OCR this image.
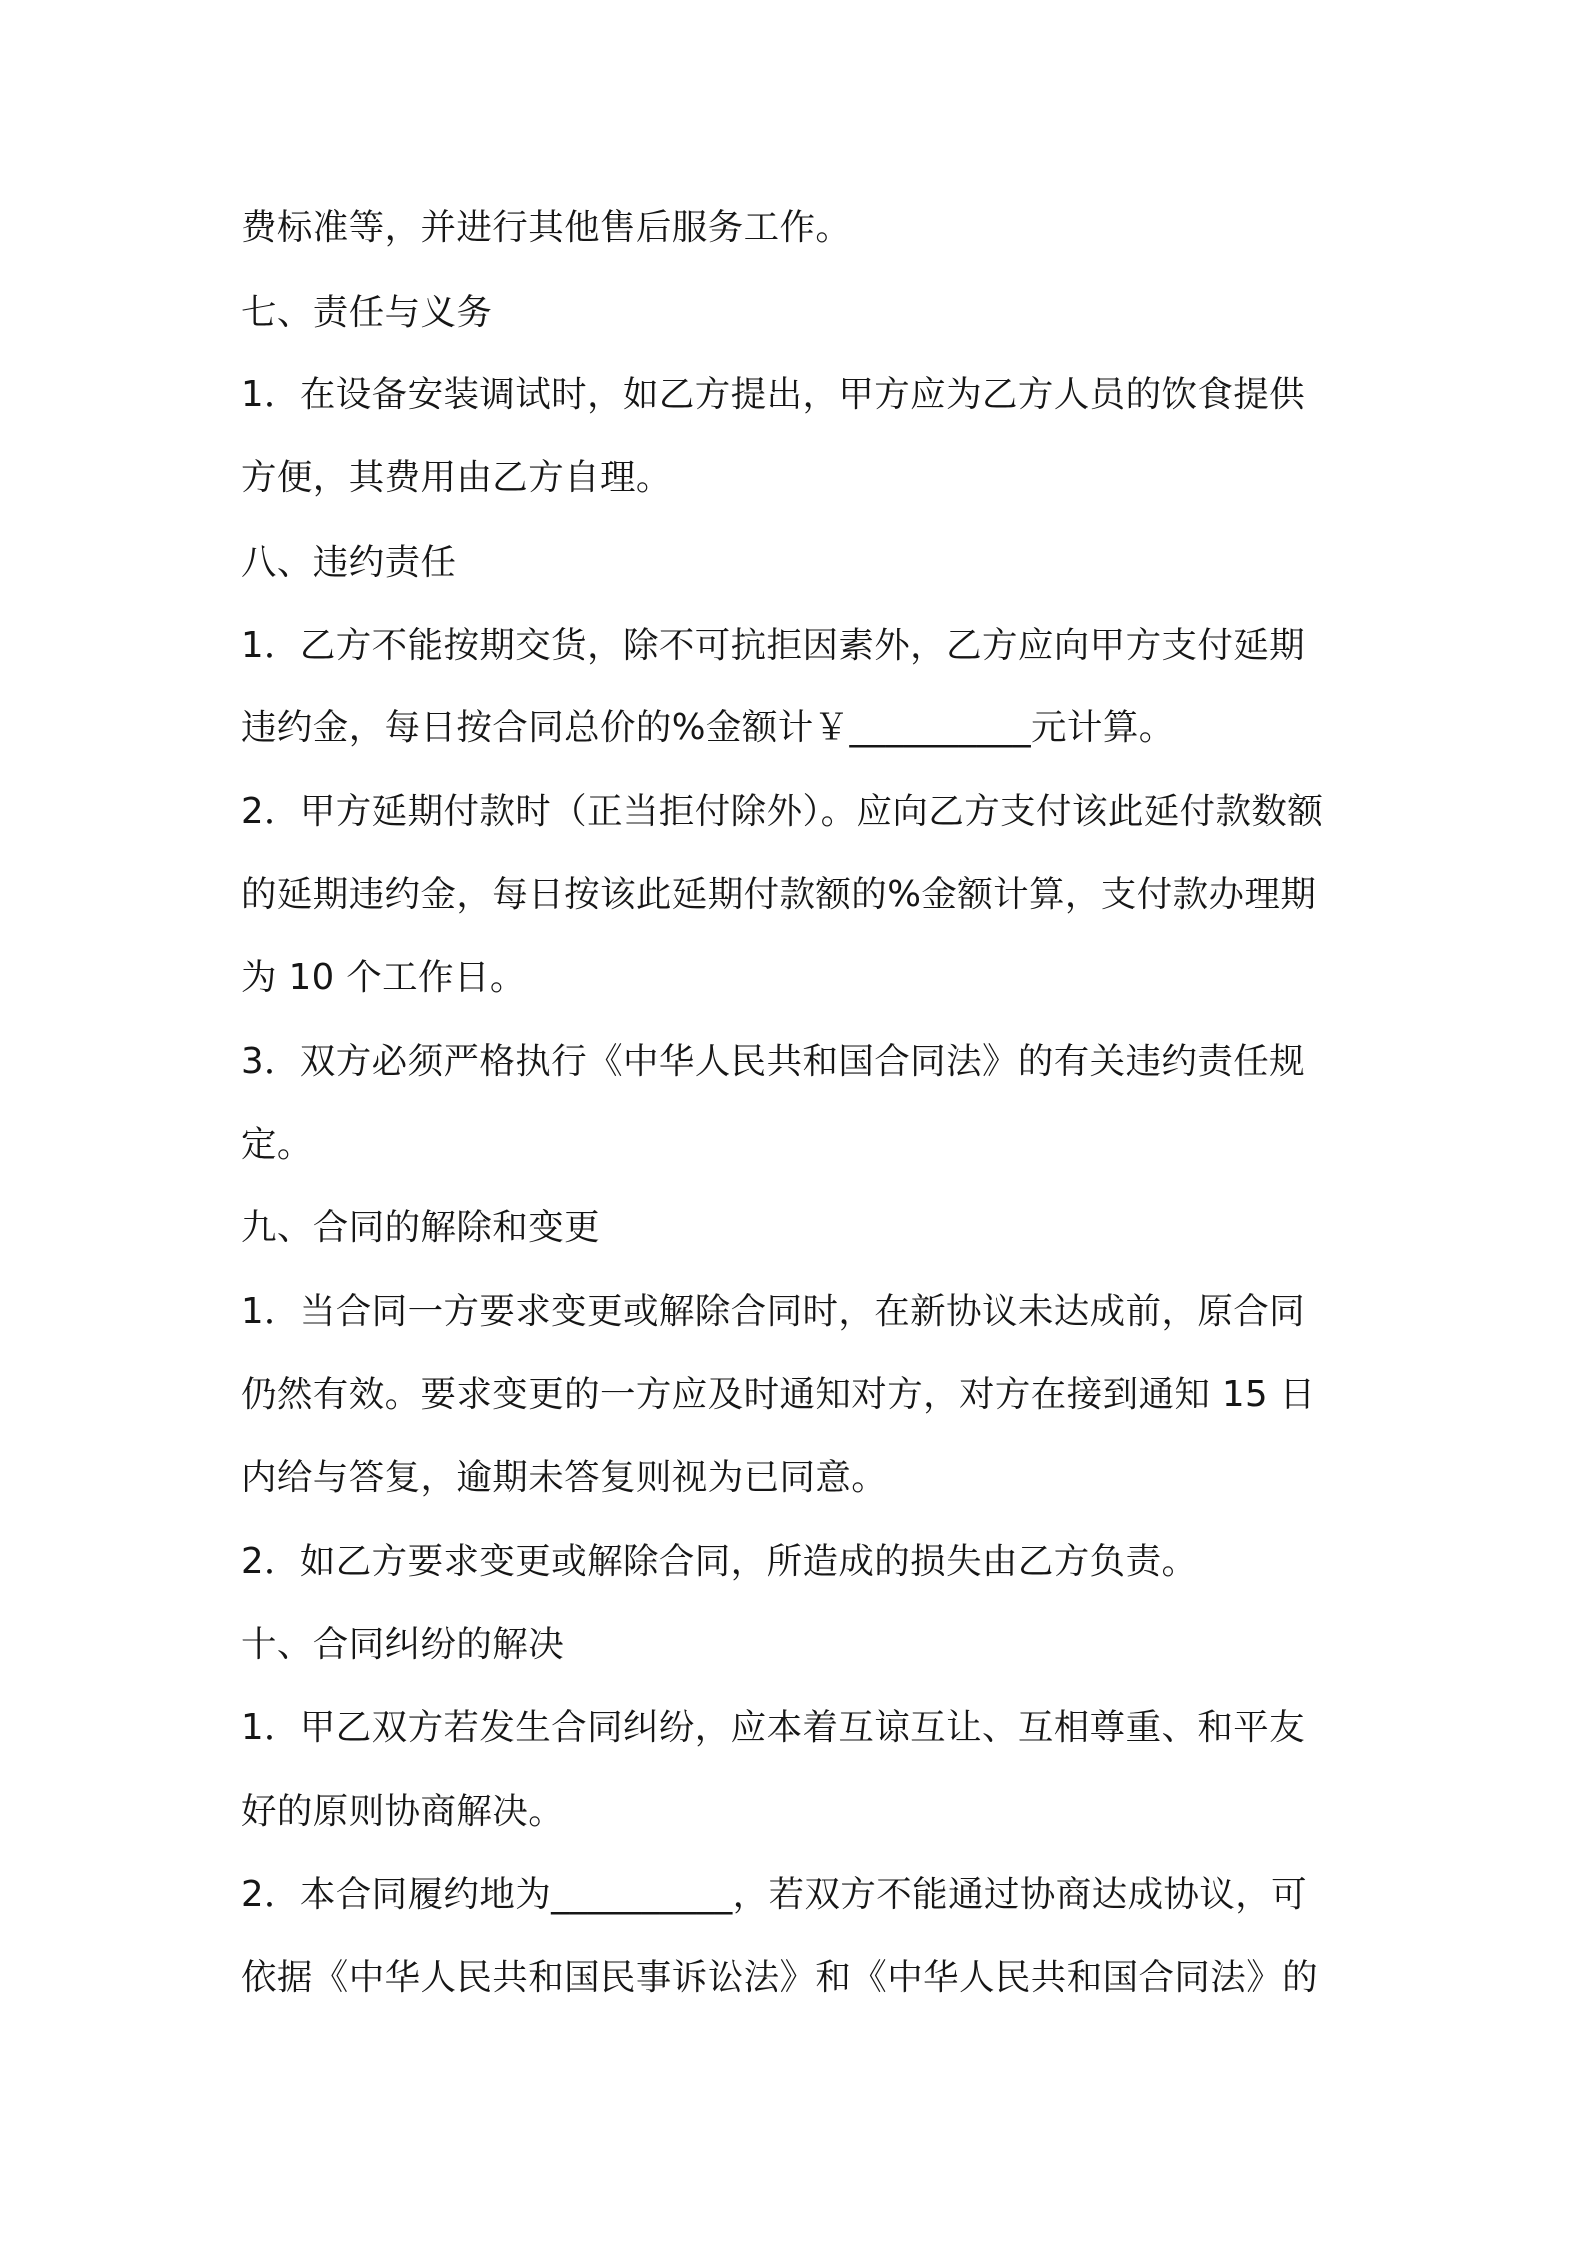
费标准等，并进行其他售后服务工作。
七、责任与义务
1．在设备安装调试时，如乙方提出，甲方应为乙方人员的饮食提供
方便，其费用由乙方自理。
八、违约责任
1．乙方不能按期交货，除不可抗拒因素外，乙方应向甲方支付延期
违约金，每日按合同总价的%金额计￥__________元计算。
2．甲方延期付款时（正当拒付除外）。应向乙方支付该此延付款数额
的延期违约金，每日按该此延期付款额的%金额计算，支付款办理期
为 10 个工作日。
3．双方必须严格执行《中华人民共和国合同法》的有关违约责任规
定。
九、合同的解除和变更
1．当合同一方要求变更或解除合同时，在新协议未达成前，原合同
仍然有效。要求变更的一方应及时通知对方，对方在接到通知 15 日
内给与答复，逾期未答复则视为已同意。
2．如乙方要求变更或解除合同，所造成的损失由乙方负责。
十、合同纠纷的解决
1．甲乙双方若发生合同纠纷，应本着互谅互让、互相尊重、和平友
好的原则协商解决。
2．本合同履约地为__________，若双方不能通过协商达成协议，可
依据《中华人民共和国民事诉讼法》和《中华人民共和国合同法》的
